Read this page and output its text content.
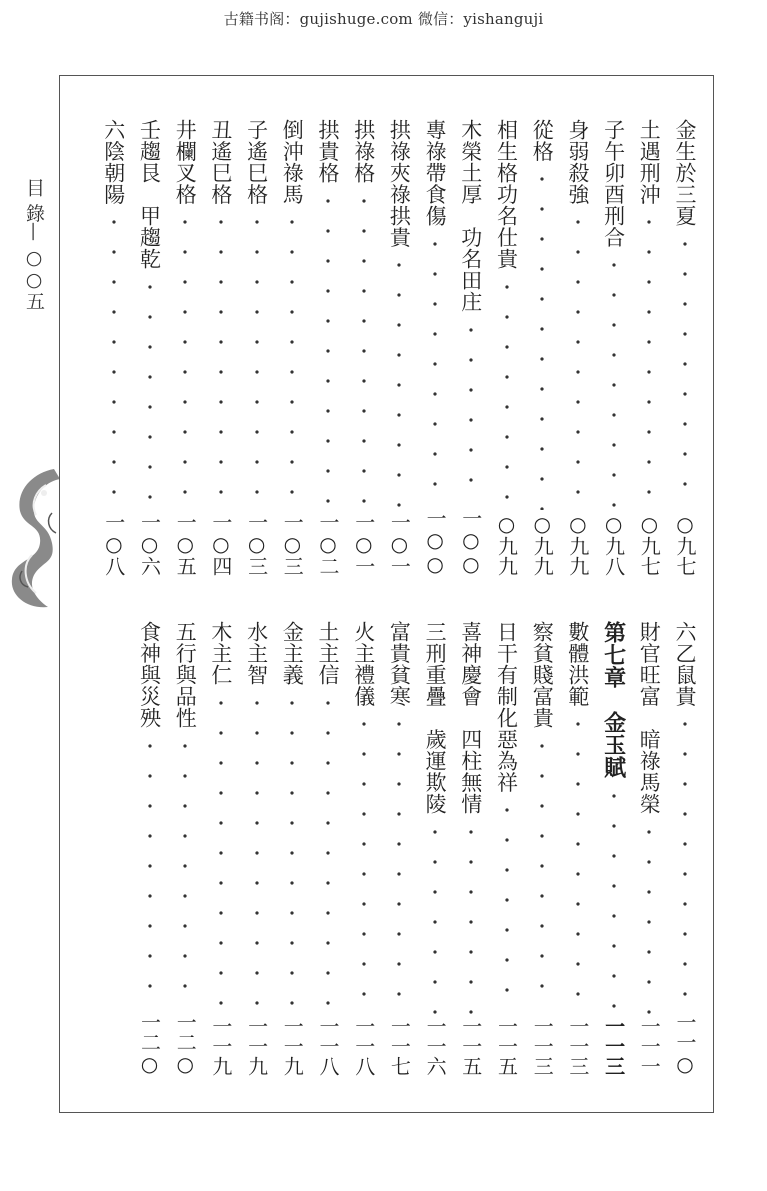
古籍书阁：gujishuge.com 微信：yishanguji
目 錄— ○○五
金生於三夏
○九七
土遇刑沖
○九七
子午卯酉刑合
○九八
身弱殺強
○九九
從格
○九九
相生格功名仕貴
○九九
木榮土厚　功名田庄
一○○
專祿帶食傷
一○○
拱祿夾祿拱貴
一○一
拱祿格
一○一
拱貴格
一○二
倒沖祿馬
一○三
子遙巳格
一○三
丑遙巳格
一○四
井欄叉格
一○五
壬趨艮　甲趨乾
一○六
六陰朝陽
一○八
六乙鼠貴
一一○
財官旺富　暗祿馬榮
一一一
第七章　金玉賦
一一三
數體洪範
一一三
察貧賤富貴
一一三
日干有制化惡為祥
一一五
喜神慶會　四柱無情
一一五
三刑重疊　歲運欺陵
一一六
富貴貧寒
一一七
火主禮儀
一一八
土主信
一一八
金主義
一一九
水主智
一一九
木主仁
一一九
五行與品性
一二○
食神與災殃
一二○
